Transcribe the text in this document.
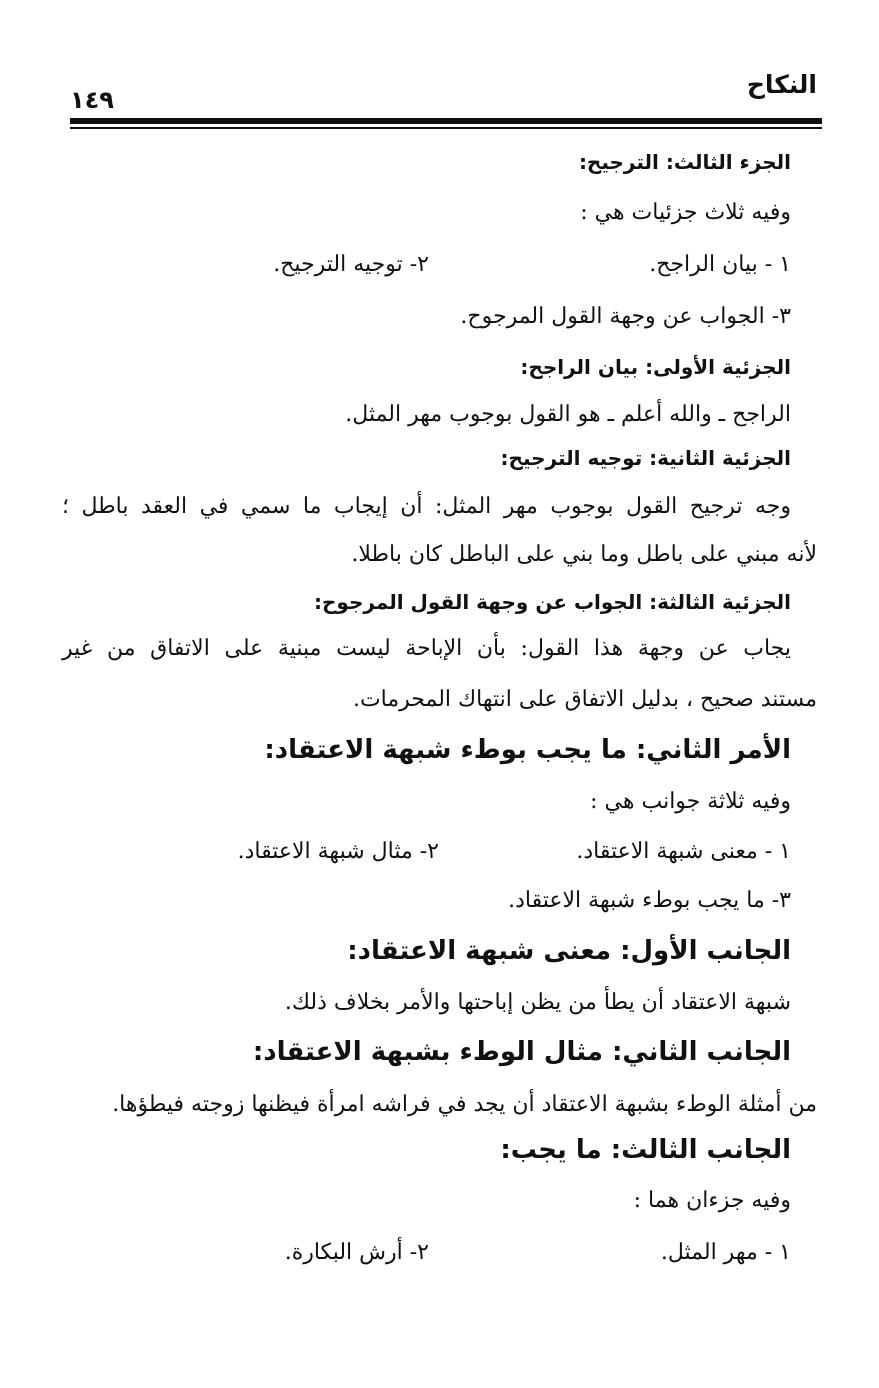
النكاح
١٤٩
الجزء الثالث: الترجيح:
وفيه ثلاث جزئيات هي :
١ - بيان الراجح.
٢- توجيه الترجيح.
٣- الجواب عن وجهة القول المرجوح.
الجزئية الأولى: بيان الراجح:
الراجح ـ والله أعلم ـ هو القول بوجوب مهر المثل.
الجزئية الثانية: توجيه الترجيح:
وجه ترجيح القول بوجوب مهر المثل: أن إيجاب ما سمي في العقد باطل ؛
لأنه مبني على باطل وما بني على الباطل كان باطلا.
الجزئية الثالثة: الجواب عن وجهة القول المرجوح:
يجاب عن وجهة هذا القول: بأن الإباحة ليست مبنية على الاتفاق من غير
مستند صحيح ، بدليل الاتفاق على انتهاك المحرمات.
الأمر الثاني: ما يجب بوطء شبهة الاعتقاد:
وفيه ثلاثة جوانب هي :
١ - معنى شبهة الاعتقاد.
٢- مثال شبهة الاعتقاد.
٣- ما يجب بوطء شبهة الاعتقاد.
الجانب الأول: معنى شبهة الاعتقاد:
شبهة الاعتقاد أن يطأ من يظن إباحتها والأمر بخلاف ذلك.
الجانب الثاني: مثال الوطء بشبهة الاعتقاد:
من أمثلة الوطء بشبهة الاعتقاد أن يجد في فراشه امرأة فيظنها زوجته فيطؤها.
الجانب الثالث: ما يجب:
وفيه جزءان هما :
١ - مهر المثل.
٢- أرش البكارة.
